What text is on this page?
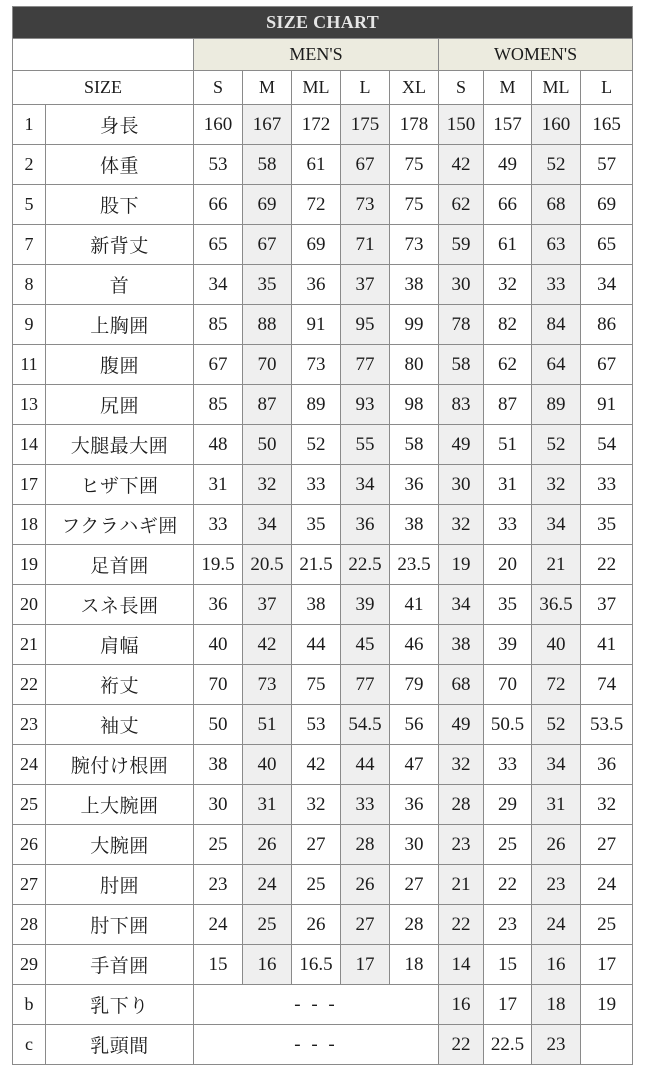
SIZE CHART										
		MEN'S					WOMEN'S			
SIZE		S	M	ML	L	XL	S	M	ML	L
1	身長	160	167	172	175	178	150	157	160	165
2	体重	53	58	61	67	75	42	49	52	57
5	股下	66	69	72	73	75	62	66	68	69
7	新背丈	65	67	69	71	73	59	61	63	65
8	首	34	35	36	37	38	30	32	33	34
9	上胸囲	85	88	91	95	99	78	82	84	86
11	腹囲	67	70	73	77	80	58	62	64	67
13	尻囲	85	87	89	93	98	83	87	89	91
14	大腿最大囲	48	50	52	55	58	49	51	52	54
17	ヒザ下囲	31	32	33	34	36	30	31	32	33
18	フクラハギ囲	33	34	35	36	38	32	33	34	35
19	足首囲	19.5	20.5	21.5	22.5	23.5	19	20	21	22
20	スネ長囲	36	37	38	39	41	34	35	36.5	37
21	肩幅	40	42	44	45	46	38	39	40	41
22	裄丈	70	73	75	77	79	68	70	72	74
23	袖丈	50	51	53	54.5	56	49	50.5	52	53.5
24	腕付け根囲	38	40	42	44	47	32	33	34	36
25	上大腕囲	30	31	32	33	36	28	29	31	32
26	大腕囲	25	26	27	28	30	23	25	26	27
27	肘囲	23	24	25	26	27	21	22	23	24
28	肘下囲	24	25	26	27	28	22	23	24	25
29	手首囲	15	16	16.5	17	18	14	15	16	17
b	乳下り	- - -					16	17	18	19
c	乳頭間	- - -					22	22.5	23	
